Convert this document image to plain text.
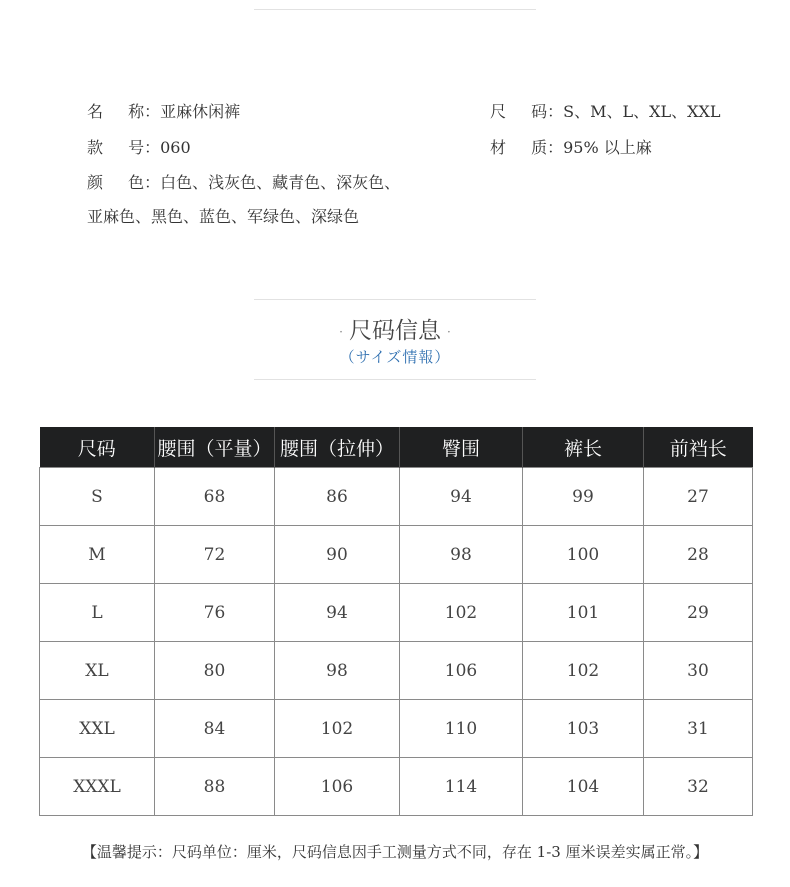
名 称：亚麻休闲裤	尺 码：S、M、L、XL、XXL
款 号：060	材 质：95% 以上麻
颜 色：白色、浅灰色、藏青色、深灰色、
亚麻色、黑色、蓝色、军绿色、深绿色
· 尺码信息 ·
（サイズ情報）
尺码	腰围（平量）	腰围（拉伸）	臀围	裤长	前裆长
S	68	86	94	99	27
M	72	90	98	100	28
L	76	94	102	101	29
XL	80	98	106	102	30
XXL	84	102	110	103	31
XXXL	88	106	114	104	32
【温馨提示：尺码单位：厘米，尺码信息因手工测量方式不同，存在 1-3 厘米误差实属正常。】
